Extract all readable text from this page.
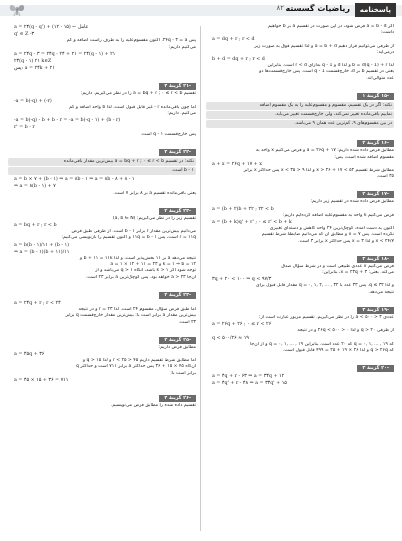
پاسخنامه
ریاضیات گسسته
۸۲
اگر a = b - d فرض شود، در این صورت در تقسیم a بر b خواهیم
داشت:
a = dq + r ; r < d
از طرفی می‌توانیم قرار دهیم a = b + d و لذا تقسیم فوق به صورت زیر
درمی‌آید:
b + d = dq + r ; r < d
لذا b = d(q - 1) + r و لذا d و q - 1 به‌ازای r < d است. بنابراین
یعنی در تقسیم b بر d، خارج‌قسمت q - 1 است. پس خارج‌قسمت‌ها دو
عدد متوالی‌اند.
-۱۵ گزینهٔ ۱
نکته: اگر در یک تقسیم، مقسوم و مقسوم‌علیه را به یک مقسوم اضافه
نماییم باقی‌مانده تغییر نمی‌کند، ولی خارج‌قسمت تغییر می‌یابد.
در بین مقسوم‌های ۹، کم‌ترین عدد همان ۹ می‌باشد.
-۱۶ گزینهٔ ۲
مطابق فرض داده شده داریم: a = ۲۶q + ۱۷ و فرض می‌کنیم x واحد به
مقسوم اضافه شده است، پس:
a + x = ۲۶q + ۱۷ + x
مطابق شرط تقسیم ۵۲ > ۱۷ + x > ۲۶ و لذا ۹ < x < ۳۵ پس حداکثر x برابر
۳۵ است.
-۱۷ گزینهٔ ۲
مطابق فرض داده شده در تقسیم زیر داریم:
a = (b + ۲)b + ۲۲ ; ۲۲ < b
فرض می‌کنیم k واحد به مقسوم‌علیه اضافه کرده‌ایم داریم:
a = (b + k)q' + r' ; ۰ ≤ r' < b + k
اکنون به دست آمده، کوچک‌ترین ۲۴ واحد کاهش و دسته‌ای تغییری
نکرده است. پس x = ۷ و مطابق آن که می‌دانیم ضابطهٔ شرط تقسیم
x < ۲۴/۷ و لذا x = ۳ پس حداکثر x برابر ۳ است.
-۱۸ گزینهٔ ۳
فرض می‌کنیم x عددی طبیعی است و در شرط سؤال صدق
می‌کند. یعنی: x = ۲۳q + ۳، بنابراین:
۳q + ۲۰ < ۱۰۰ ⇒ q < ۹۷/۳
و لذا q ≤ ۳۲. پس ۳۳ عدد با q = ۰, ۱, ۲, ... , ۳۲ مقدار قابل قبول برای
نتیجه می‌دهد.
-۱۹ گزینهٔ ۳
عددی ۳ < a < ۵۰۰ را در نظر می‌گیریم. تقسیم مزبور عبارت است از:
a = ۲۶q + ۲۶ ; ۰ ≤ r < ۲۶
از طرفی q > ۲۰ و لذا ۰ < ۲۶q < ۵۰۰ و در نتیجه
q < ۵۰۰/۲۶ ≈ ۱۹
که q = ۰, ۱, ... , ۱۹ که ۲۰ عدد است. بنابراین q = ۰, ۱, ... , ۱۹ و از آن‌جا
که q > ۲۶q و لذا ۲۶ × ۱۹ + ۲۵ = ۴۹۹ قابل قبول است.
-۲۰ گزینهٔ ۳
a = ۴q + r - ۶۳ ⇒ a = ۳۴q + ۱۲
a = ۴q' + r - ۴۸ ⇒ a = ۳۴q' + ۱۵
a = ۲۴(q - q') + (۱۲ - ۱۵) ← عامل
q' ∈ Z -۳
پس ۲۴q - ۳ = a. اکنون مقسوم‌علیه را به طرف راست اضافه و کم
می‌کنیم داریم:
a = ۲۴q - ۳ = ۲۴q - ۲۴ + ۲۱ = ۲۴(q - ۱) + ۲۱
۲۴(q - ۱) ۲۱ k∈Z
پس: a = ۲۴k + ۲۱
-۲۱ گزینهٔ ۴
تقسیم a = bq + r ; ۰ ≤ r < b را در نظر می‌گیریم. داریم:
-a = b(-q) + (-r)
اما چون باقی‌مانده r - غیر قابل قبول است، لذا b واحد اضافه و کم
می‌کنیم. داریم:
-a = b(-q) - b + b - r = -a = b(-q - ۱) + (b - r)
r' = b - r
پس خارج‌قسمت q - ۱ است.
-۲۲ گزینهٔ ۴
نکته: در تقسیم a = bq + r ; ۰ ≤ r < b بیش‌ترین مقدار باقی‌مانده
b - ۱ است.
a = b × ۷ + (b - ۱) ⇒ a = ۸b - ۱ ⇒ a = ۸b - ۸ + ۸ - ۱
⇒ a = ۸(b - ۱) + ۷
یعنی باقی‌مانده تقسیم a بر ۸ برابر ۷ است.
-۲۳ گزینهٔ ۲
تقسیم زیر را در نظر می‌گیریم: (a, b ∈ N)
a = bq + r ; r < b
می‌دانیم بیش‌ترین مقدار r برابر b - ۱ است. از طرفی طبق فرض
r = ۱۱q است، پس ۱۱q = b - ۱ و اکنون تقسیم را بازنویسی می‌کنیم:
a = b(b - ۱)/۱۱ + (b - ۱)
⇒ a = (b - ۱)(b + ۱۱)/۱۱
نتیجه می‌دهد a بر ۱۱ بخش‌پذیر است، و لذا b + ۱۱ = ۱۱k و
k = ۱ ⇒ b = ۱۲ و a = ۱ × ۱۲ + ۱۱ = ۲۳
توجه شود اگر k > ۱ باشد، آنگاه q > ۱ می‌باشد و از
آن‌جا a > ۲۳ خواهد بود. پس کوچک‌ترین a برابر ۲۳ است.
-۲۴ گزینهٔ ۲
a = ۲۴q + r ; r < ۲۴
اما طبق فرض سؤال، مقسوم ۲۴ است. لذا r = ۲۳ و در نتیجه
بیش‌ترین مقدار a برابر است با: بیش‌ترین مقدار خارج‌قسمت q برابر
۲۳ است.
-۲۵ گزینهٔ ۲
مطابق فرض داریم:
a = ۴۵q + ۳۶
اما مطابق شرط تقسیم داریم ۴۵ < r < ۲۵ و لذا ۱۵ < q و
آن‌گاه ۴۵ × ۱۵ + ۳۶ پس حداکثر a برابر ۷۱۱ است و حداکثر q
برابر است با:
a = ۴۵ × ۱۵ + ۳۶ = ۷۱۱
-۲۶ گزینهٔ ۴
تقسیم داده شده را مطابق فرض می‌نویسیم.
